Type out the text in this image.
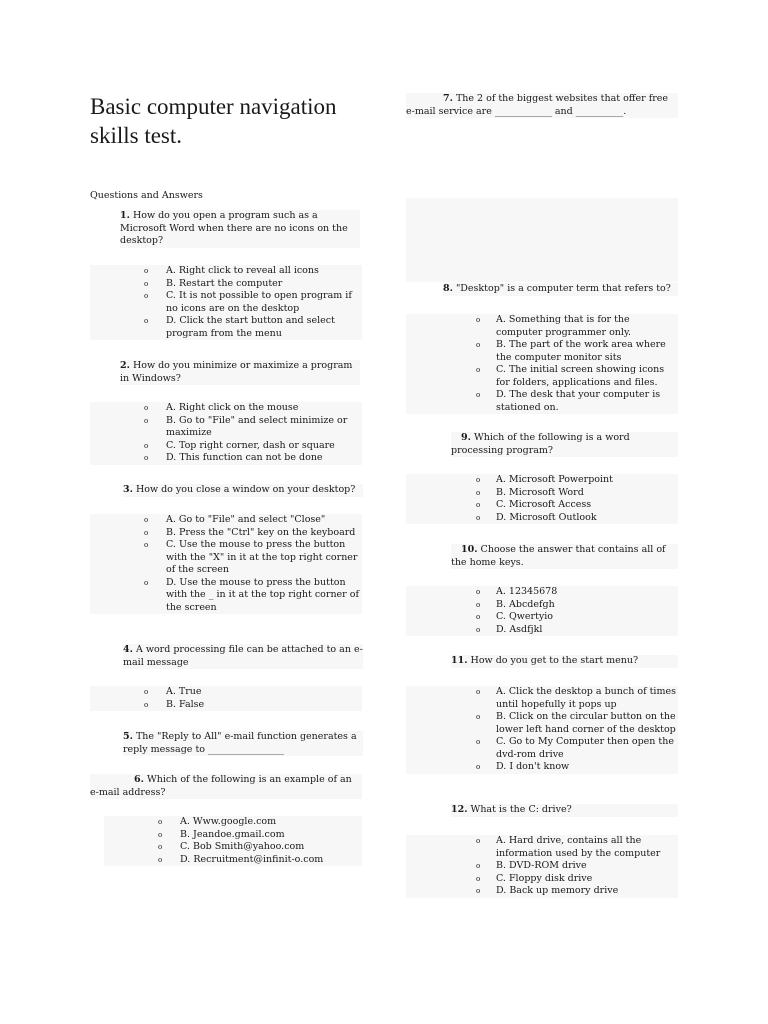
Basic computer navigation skills test.
Questions and Answers
1. How do you open a program such as a Microsoft Word when there are no icons on the desktop?
o A. Right click to reveal all icons
o B. Restart the computer
o C. It is not possible to open program if no icons are on the desktop
o D. Click the start button and select program from the menu
2. How do you minimize or maximize a program in Windows?
o A. Right click on the mouse
o B. Go to "File" and select minimize or maximize
o C. Top right corner, dash or square
o D. This function can not be done
3. How do you close a window on your desktop?
o A. Go to "File" and select "Close"
o B. Press the "Ctrl" key on the keyboard
o C. Use the mouse to press the button with the "X" in it at the top right corner of the screen
o D. Use the mouse to press the button with the _ in it at the top right corner of the screen
4. A word processing file can be attached to an e-mail message
o A. True
o B. False
5. The "Reply to All" e-mail function generates a reply message to ________________
6. Which of the following is an example of an e-mail address?
o A. Www.google.com
o B. Jeandoe.gmail.com
o C. Bob Smith@yahoo.com
o D. Recruitment@infinit-o.com
7. The 2 of the biggest websites that offer free e-mail service are ____________ and __________.
8. "Desktop" is a computer term that refers to?
o A. Something that is for the computer programmer only.
o B. The part of the work area where the computer monitor sits
o C. The initial screen showing icons for folders, applications and files.
o D. The desk that your computer is stationed on.
9. Which of the following is a word processing program?
o A. Microsoft Powerpoint
o B. Microsoft Word
o C. Microsoft Access
o D. Microsoft Outlook
10. Choose the answer that contains all of the home keys.
o A. 12345678
o B. Abcdefgh
o C. Qwertyio
o D. Asdfjkl
11. How do you get to the start menu?
o A. Click the desktop a bunch of times until hopefully it pops up
o B. Click on the circular button on the lower left hand corner of the desktop
o C. Go to My Computer then open the dvd-rom drive
o D. I don't know
12. What is the C: drive?
o A. Hard drive, contains all the information used by the computer
o B. DVD-ROM drive
o C. Floppy disk drive
o D. Back up memory drive
